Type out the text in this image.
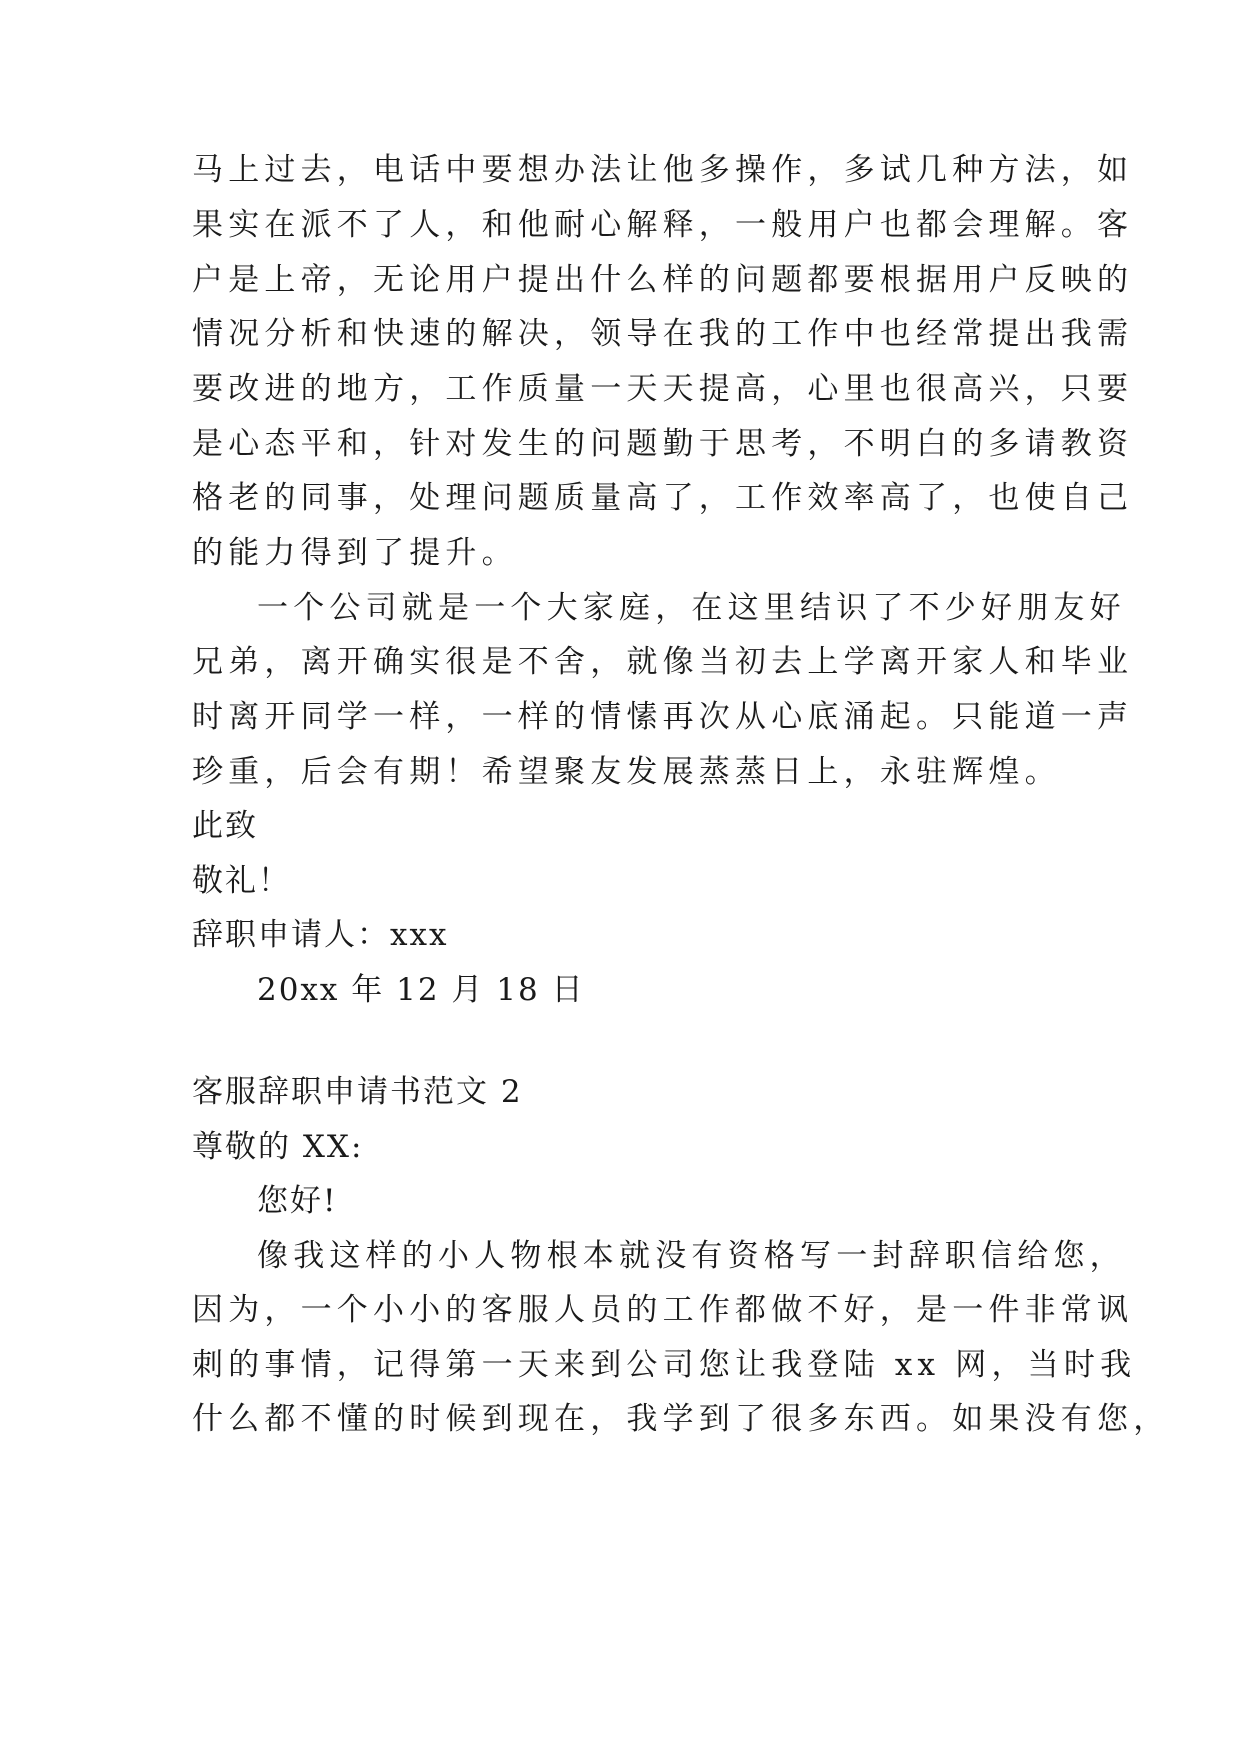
马上过去，电话中要想办法让他多操作，多试几种方法，如
果实在派不了人，和他耐心解释，一般用户也都会理解。客
户是上帝，无论用户提出什么样的问题都要根据用户反映的
情况分析和快速的解决，领导在我的工作中也经常提出我需
要改进的地方，工作质量一天天提高，心里也很高兴，只要
是心态平和，针对发生的问题勤于思考，不明白的多请教资
格老的同事，处理问题质量高了，工作效率高了，也使自己
的能力得到了提升。
一个公司就是一个大家庭，在这里结识了不少好朋友好
兄弟，离开确实很是不舍，就像当初去上学离开家人和毕业
时离开同学一样，一样的情愫再次从心底涌起。只能道一声
珍重，后会有期！希望聚友发展蒸蒸日上，永驻辉煌。
此致
敬礼！
辞职申请人：xxx
20xx 年 12 月 18 日
客服辞职申请书范文 2
尊敬的 XX:
您好!
像我这样的小人物根本就没有资格写一封辞职信给您，
因为，一个小小的客服人员的工作都做不好，是一件非常讽
刺的事情，记得第一天来到公司您让我登陆 xx 网，当时我
什么都不懂的时候到现在，我学到了很多东西。如果没有您，
